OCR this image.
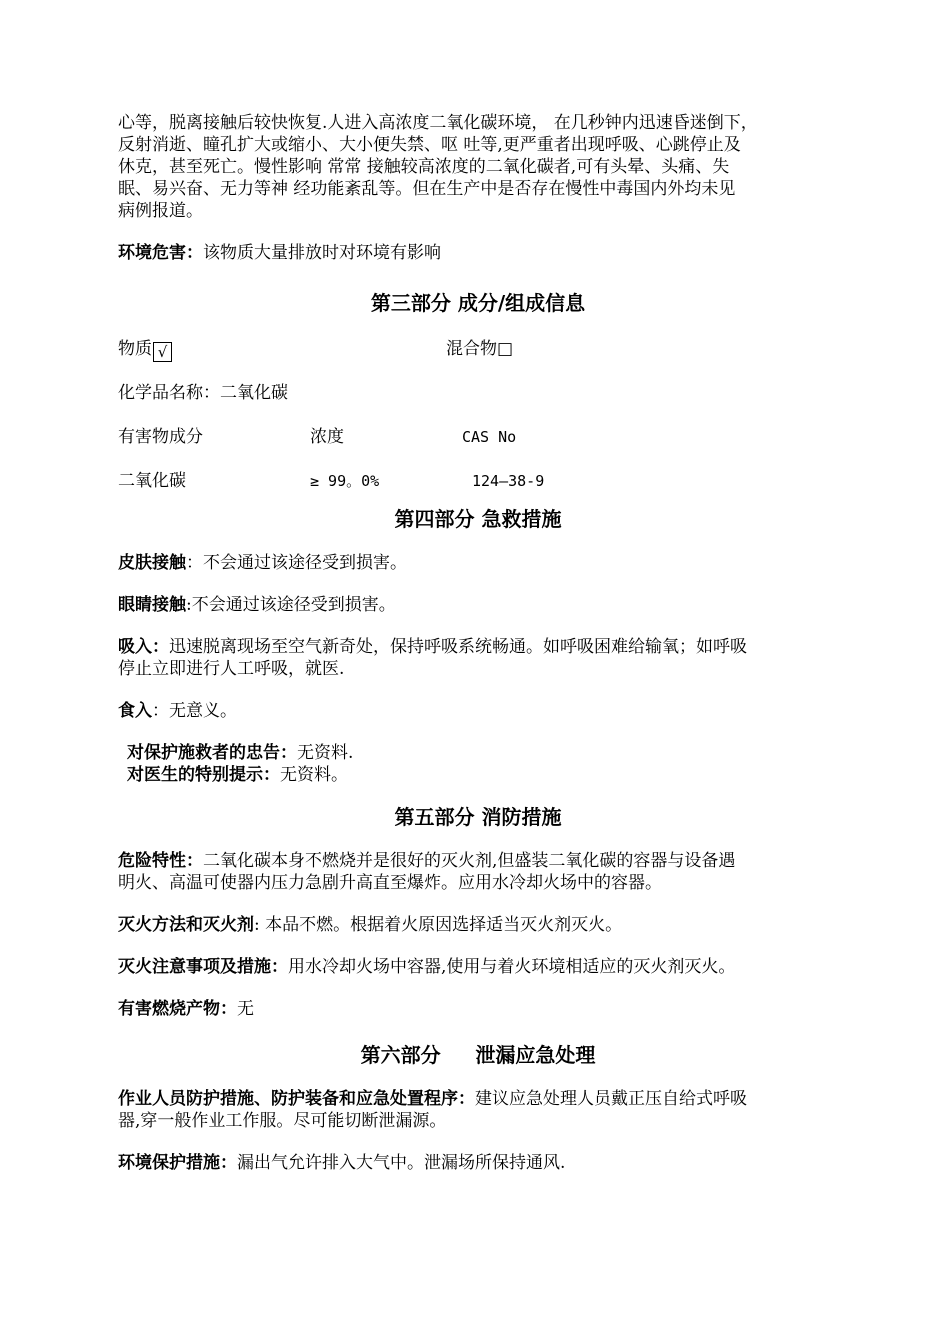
心等，脱离接触后较快恢复.人进入高浓度二氧化碳环境， 在几秒钟内迅速昏迷倒下，

反射消逝、瞳孔扩大或缩小、大小便失禁、呕 吐等,更严重者出现呼吸、心跳停止及

休克，甚至死亡。慢性影响 常常 接触较高浓度的二氧化碳者,可有头晕、头痛、失

眠、易兴奋、无力等神 经功能紊乱等。但在生产中是否存在慢性中毒国内外均未见

病例报道。

环境危害：该物质大量排放时对环境有影响

第三部分 成分/组成信息
物质 √	混合物□

化学品名称：二氧化碳

有害物成分	浓度	CAS No
二氧化碳	≥ 99。0%	124—38-9
第四部分 急救措施

皮肤接触：不会通过该途径受到损害。

眼睛接触:不会通过该途径受到损害。

吸入：迅速脱离现场至空气新奇处，保持呼吸系统畅通。如呼吸困难给输氧；如呼吸

停止立即进行人工呼吸，就医.

食入：无意义。

对保护施救者的忠告：无资料.

对医生的特别提示：无资料。

第五部分 消防措施

危险特性：二氧化碳本身不燃烧并是很好的灭火剂,但盛装二氧化碳的容器与设备遇

明火、高温可使器内压力急剧升高直至爆炸。应用水冷却火场中的容器。

灭火方法和灭火剂: 本品不燃。根据着火原因选择适当灭火剂灭火。

灭火注意事项及措施：用水冷却火场中容器,使用与着火环境相适应的灭火剂灭火。

有害燃烧产物：无

第六部分     泄漏应急处理

作业人员防护措施、防护装备和应急处置程序：建议应急处理人员戴正压自给式呼吸

器,穿一般作业工作服。尽可能切断泄漏源。

环境保护措施：漏出气允许排入大气中。泄漏场所保持通风.
